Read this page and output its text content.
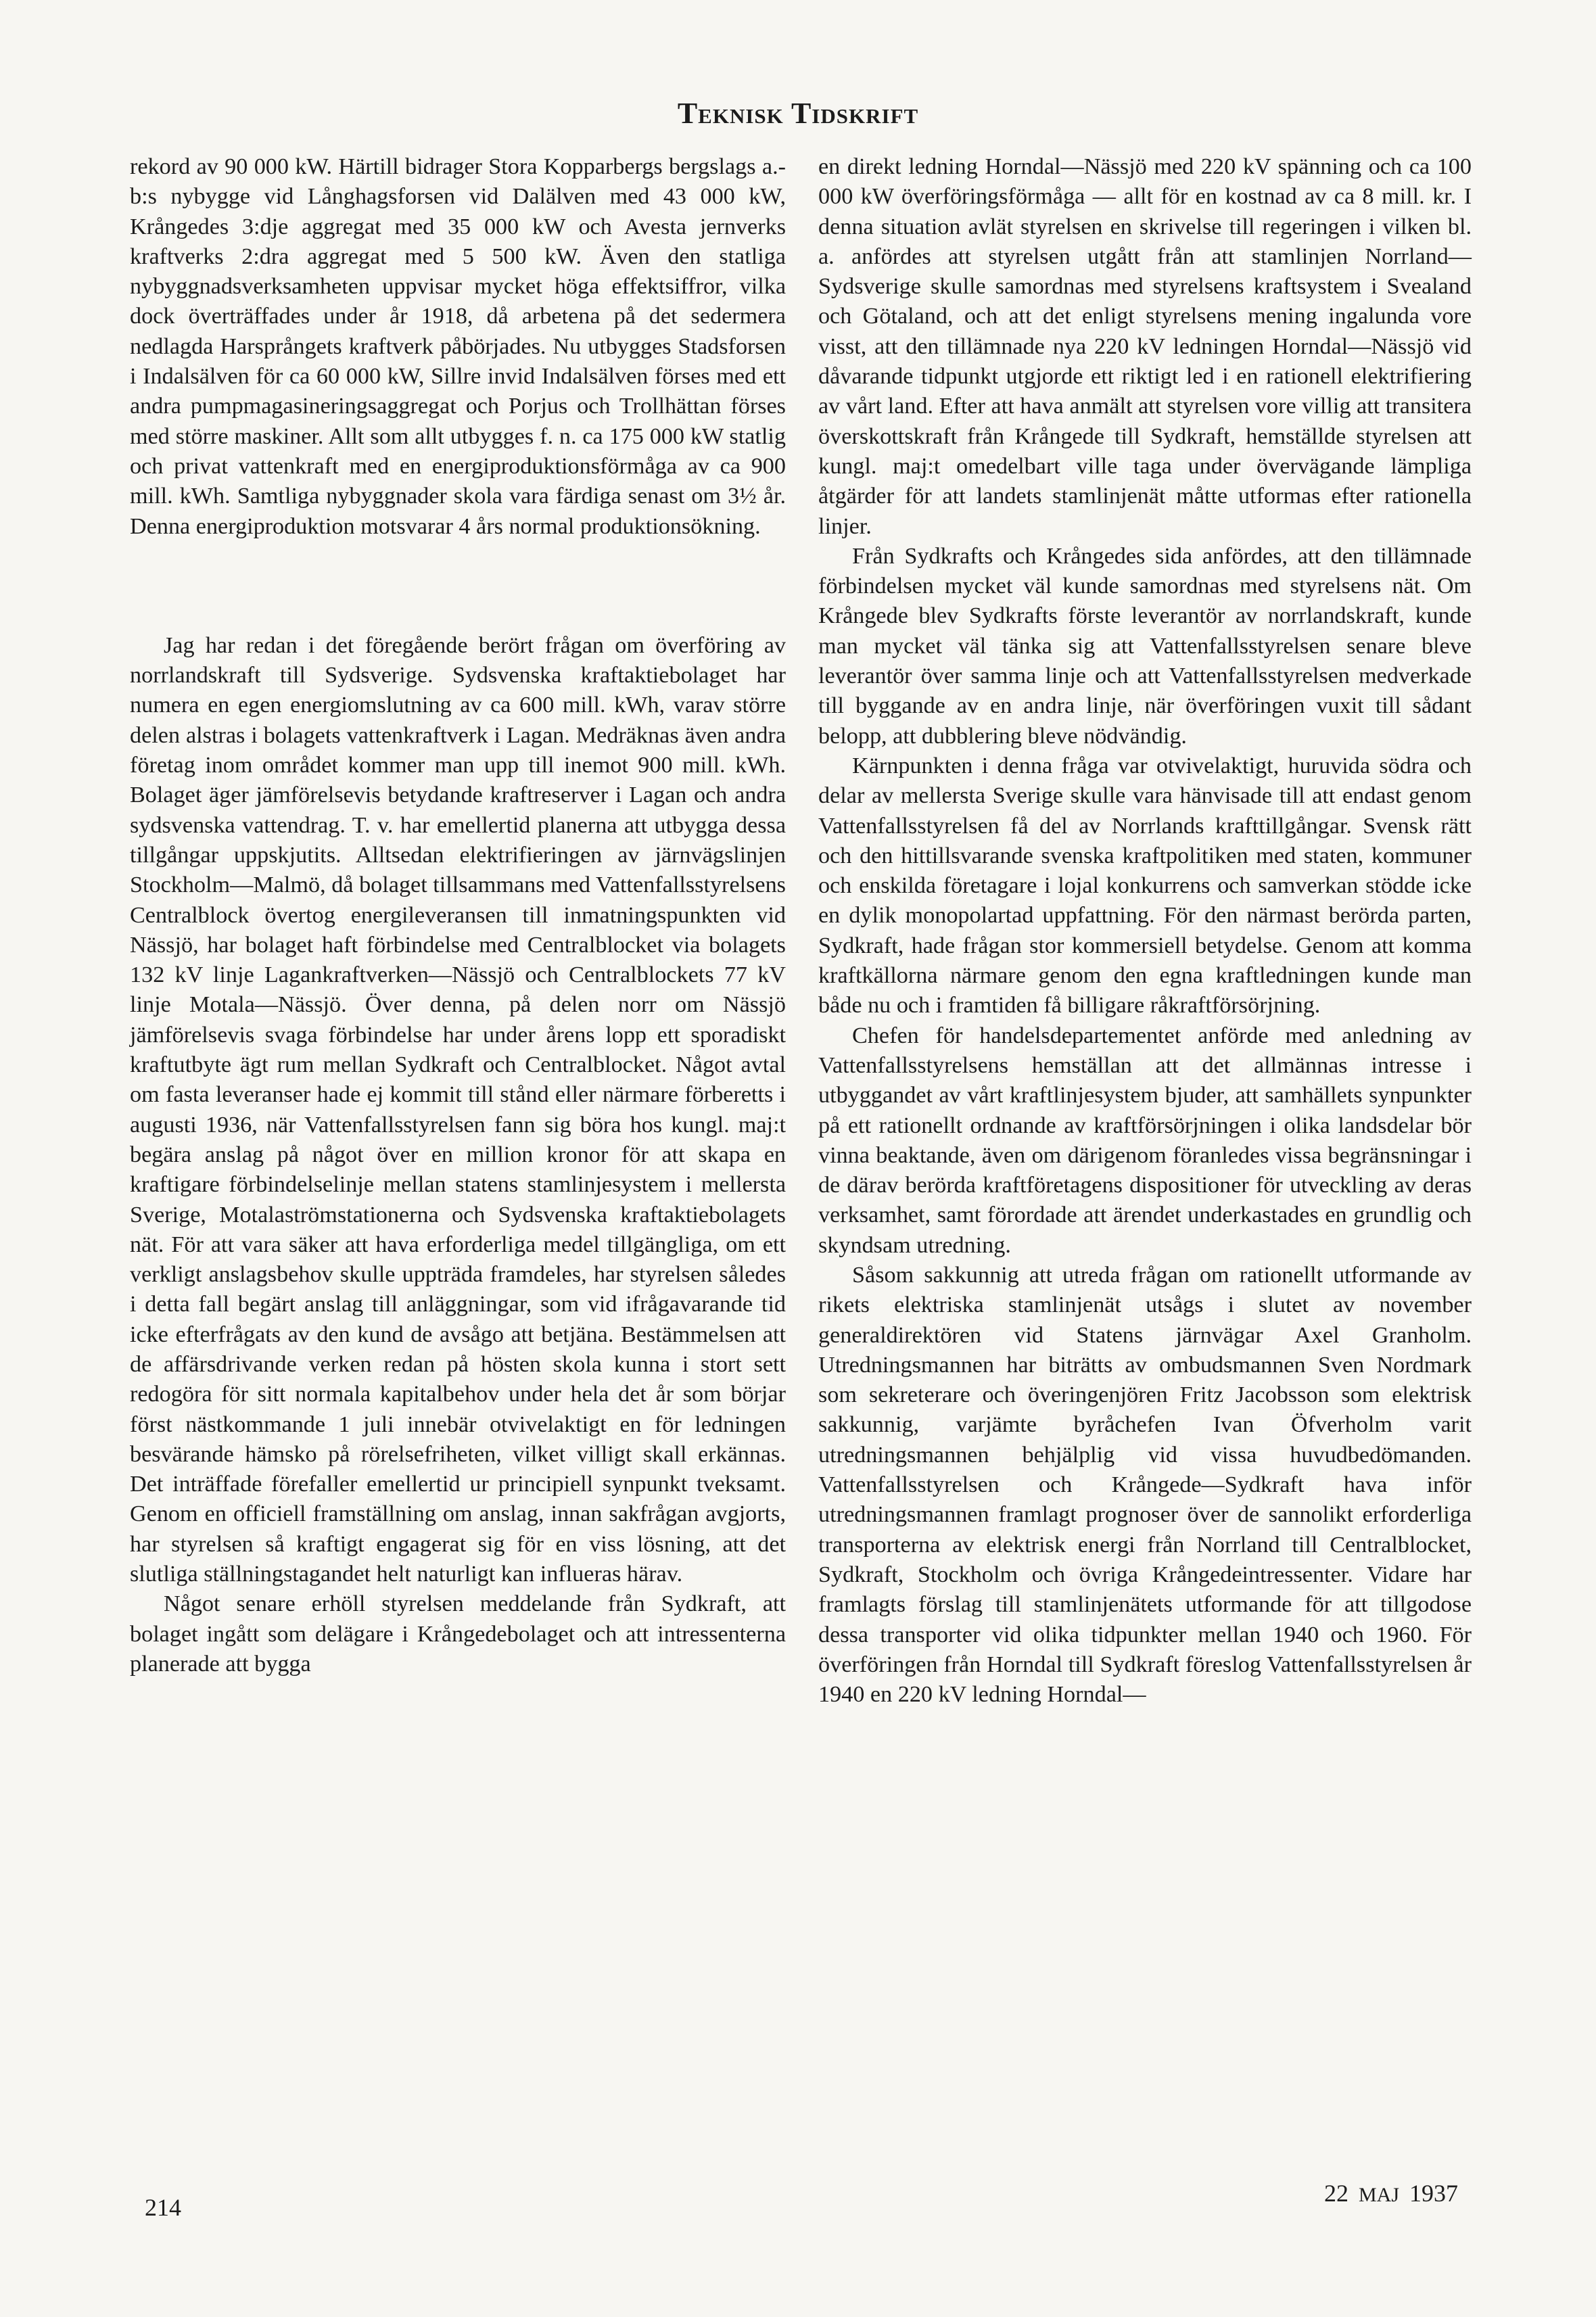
Teknisk Tidskrift

rekord av 90 000 kW. Härtill bidrager Stora Kopparbergs bergslags a.-b:s nybygge vid Långhagsforsen vid Dalälven med 43 000 kW, Krångedes 3:dje aggregat med 35 000 kW och Avesta jernverks kraftverks 2:dra aggregat med 5 500 kW. Även den statliga nybyggnadsverksamheten uppvisar mycket höga effektsiffror, vilka dock överträffades under år 1918, då arbetena på det sedermera nedlagda Harsprångets kraftverk påbörjades. Nu utbygges Stadsforsen i Indalsälven för ca 60 000 kW, Sillre invid Indalsälven förses med ett andra pumpmagasineringsaggregat och Porjus och Trollhättan förses med större maskiner. Allt som allt utbygges f. n. ca 175 000 kW statlig och privat vattenkraft med en energiproduktionsförmåga av ca 900 mill. kWh. Samtliga nybyggnader skola vara färdiga senast om 3½ år. Denna energiproduktion motsvarar 4 års normal produktionsökning.

Jag har redan i det föregående berört frågan om överföring av norrlandskraft till Sydsverige. Sydsvenska kraftaktiebolaget har numera en egen energiomslutning av ca 600 mill. kWh, varav större delen alstras i bolagets vattenkraftverk i Lagan. Medräknas även andra företag inom området kommer man upp till inemot 900 mill. kWh. Bolaget äger jämförelsevis betydande kraftreserver i Lagan och andra sydsvenska vattendrag. T. v. har emellertid planerna att utbygga dessa tillgångar uppskjutits. Alltsedan elektrifieringen av järnvägslinjen Stockholm—Malmö, då bolaget tillsammans med Vattenfallsstyrelsens Centralblock övertog energileveransen till inmatningspunkten vid Nässjö, har bolaget haft förbindelse med Centralblocket via bolagets 132 kV linje Lagankraftverken—Nässjö och Centralblockets 77 kV linje Motala—Nässjö. Över denna, på delen norr om Nässjö jämförelsevis svaga förbindelse har under årens lopp ett sporadiskt kraftutbyte ägt rum mellan Sydkraft och Centralblocket. Något avtal om fasta leveranser hade ej kommit till stånd eller närmare förberetts i augusti 1936, när Vattenfallsstyrelsen fann sig böra hos kungl. maj:t begära anslag på något över en million kronor för att skapa en kraftigare förbindelselinje mellan statens stamlinjesystem i mellersta Sverige, Motalaströmstationerna och Sydsvenska kraftaktiebolagets nät. För att vara säker att hava erforderliga medel tillgängliga, om ett verkligt anslagsbehov skulle uppträda framdeles, har styrelsen således i detta fall begärt anslag till anläggningar, som vid ifrågavarande tid icke efterfrågats av den kund de avsågo att betjäna. Bestämmelsen att de affärsdrivande verken redan på hösten skola kunna i stort sett redogöra för sitt normala kapitalbehov under hela det år som börjar först nästkommande 1 juli innebär otvivelaktigt en för ledningen besvärande hämsko på rörelsefriheten, vilket villigt skall erkännas. Det inträffade förefaller emellertid ur principiell synpunkt tveksamt. Genom en officiell framställning om anslag, innan sakfrågan avgjorts, har styrelsen så kraftigt engagerat sig för en viss lösning, att det slutliga ställningstagandet helt naturligt kan influeras härav.

Något senare erhöll styrelsen meddelande från Sydkraft, att bolaget ingått som delägare i Krångedebolaget och att intressenterna planerade att bygga

en direkt ledning Horndal—Nässjö med 220 kV spänning och ca 100 000 kW överföringsförmåga — allt för en kostnad av ca 8 mill. kr. I denna situation avlät styrelsen en skrivelse till regeringen i vilken bl. a. anfördes att styrelsen utgått från att stamlinjen Norrland—Sydsverige skulle samordnas med styrelsens kraftsystem i Svealand och Götaland, och att det enligt styrelsens mening ingalunda vore visst, att den tillämnade nya 220 kV ledningen Horndal—Nässjö vid dåvarande tidpunkt utgjorde ett riktigt led i en rationell elektrifiering av vårt land. Efter att hava anmält att styrelsen vore villig att transitera överskottskraft från Krångede till Sydkraft, hemställde styrelsen att kungl. maj:t omedelbart ville taga under övervägande lämpliga åtgärder för att landets stamlinjenät måtte utformas efter rationella linjer.

Från Sydkrafts och Krångedes sida anfördes, att den tillämnade förbindelsen mycket väl kunde samordnas med styrelsens nät. Om Krångede blev Sydkrafts förste leverantör av norrlandskraft, kunde man mycket väl tänka sig att Vattenfallsstyrelsen senare bleve leverantör över samma linje och att Vattenfallsstyrelsen medverkade till byggande av en andra linje, när överföringen vuxit till sådant belopp, att dubblering bleve nödvändig.

Kärnpunkten i denna fråga var otvivelaktigt, huruvida södra och delar av mellersta Sverige skulle vara hänvisade till att endast genom Vattenfallsstyrelsen få del av Norrlands krafttillgångar. Svensk rätt och den hittillsvarande svenska kraftpolitiken med staten, kommuner och enskilda företagare i lojal konkurrens och samverkan stödde icke en dylik monopolartad uppfattning. För den närmast berörda parten, Sydkraft, hade frågan stor kommersiell betydelse. Genom att komma kraftkällorna närmare genom den egna kraftledningen kunde man både nu och i framtiden få billigare råkraftförsörjning.

Chefen för handelsdepartementet anförde med anledning av Vattenfallsstyrelsens hemställan att det allmännas intresse i utbyggandet av vårt kraftlinjesystem bjuder, att samhällets synpunkter på ett rationellt ordnande av kraftförsörjningen i olika landsdelar bör vinna beaktande, även om därigenom föranledes vissa begränsningar i de därav berörda kraftföretagens dispositioner för utveckling av deras verksamhet, samt förordade att ärendet underkastades en grundlig och skyndsam utredning.

Såsom sakkunnig att utreda frågan om rationellt utformande av rikets elektriska stamlinjenät utsågs i slutet av november generaldirektören vid Statens järnvägar Axel Granholm. Utredningsmannen har biträtts av ombudsmannen Sven Nordmark som sekreterare och överingenjören Fritz Jacobsson som elektrisk sakkunnig, varjämte byråchefen Ivan Öfverholm varit utredningsmannen behjälplig vid vissa huvudbedömanden. Vattenfallsstyrelsen och Krångede—Sydkraft hava inför utredningsmannen framlagt prognoser över de sannolikt erforderliga transporterna av elektrisk energi från Norrland till Centralblocket, Sydkraft, Stockholm och övriga Krångedeintressenter. Vidare har framlagts förslag till stamlinjenätets utformande för att tillgodose dessa transporter vid olika tidpunkter mellan 1940 och 1960. För överföringen från Horndal till Sydkraft föreslog Vattenfallsstyrelsen år 1940 en 220 kV ledning Horndal—

214
22 MAJ 1937
